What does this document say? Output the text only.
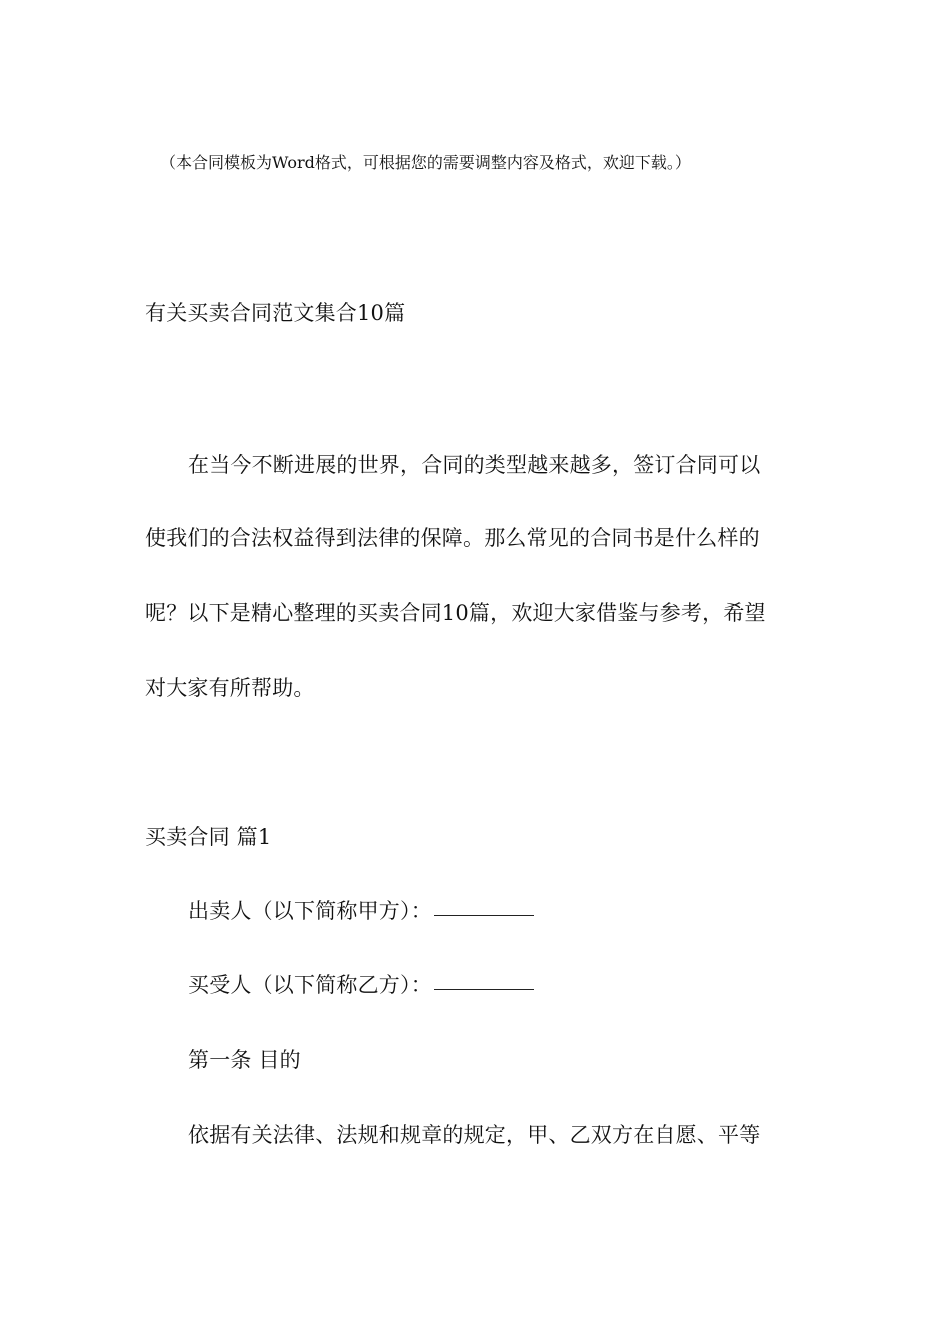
（本合同模板为Word格式，可根据您的需要调整内容及格式，欢迎下载。）
有关买卖合同范文集合10篇
在当今不断进展的世界，合同的类型越来越多，签订合同可以
使我们的合法权益得到法律的保障。那么常见的合同书是什么样的
呢？以下是精心整理的买卖合同10篇，欢迎大家借鉴与参考，希望
对大家有所帮助。
买卖合同 篇1
出卖人（以下简称甲方）：
买受人（以下简称乙方）：
第一条 目的
依据有关法律、法规和规章的规定，甲、乙双方在自愿、平等
